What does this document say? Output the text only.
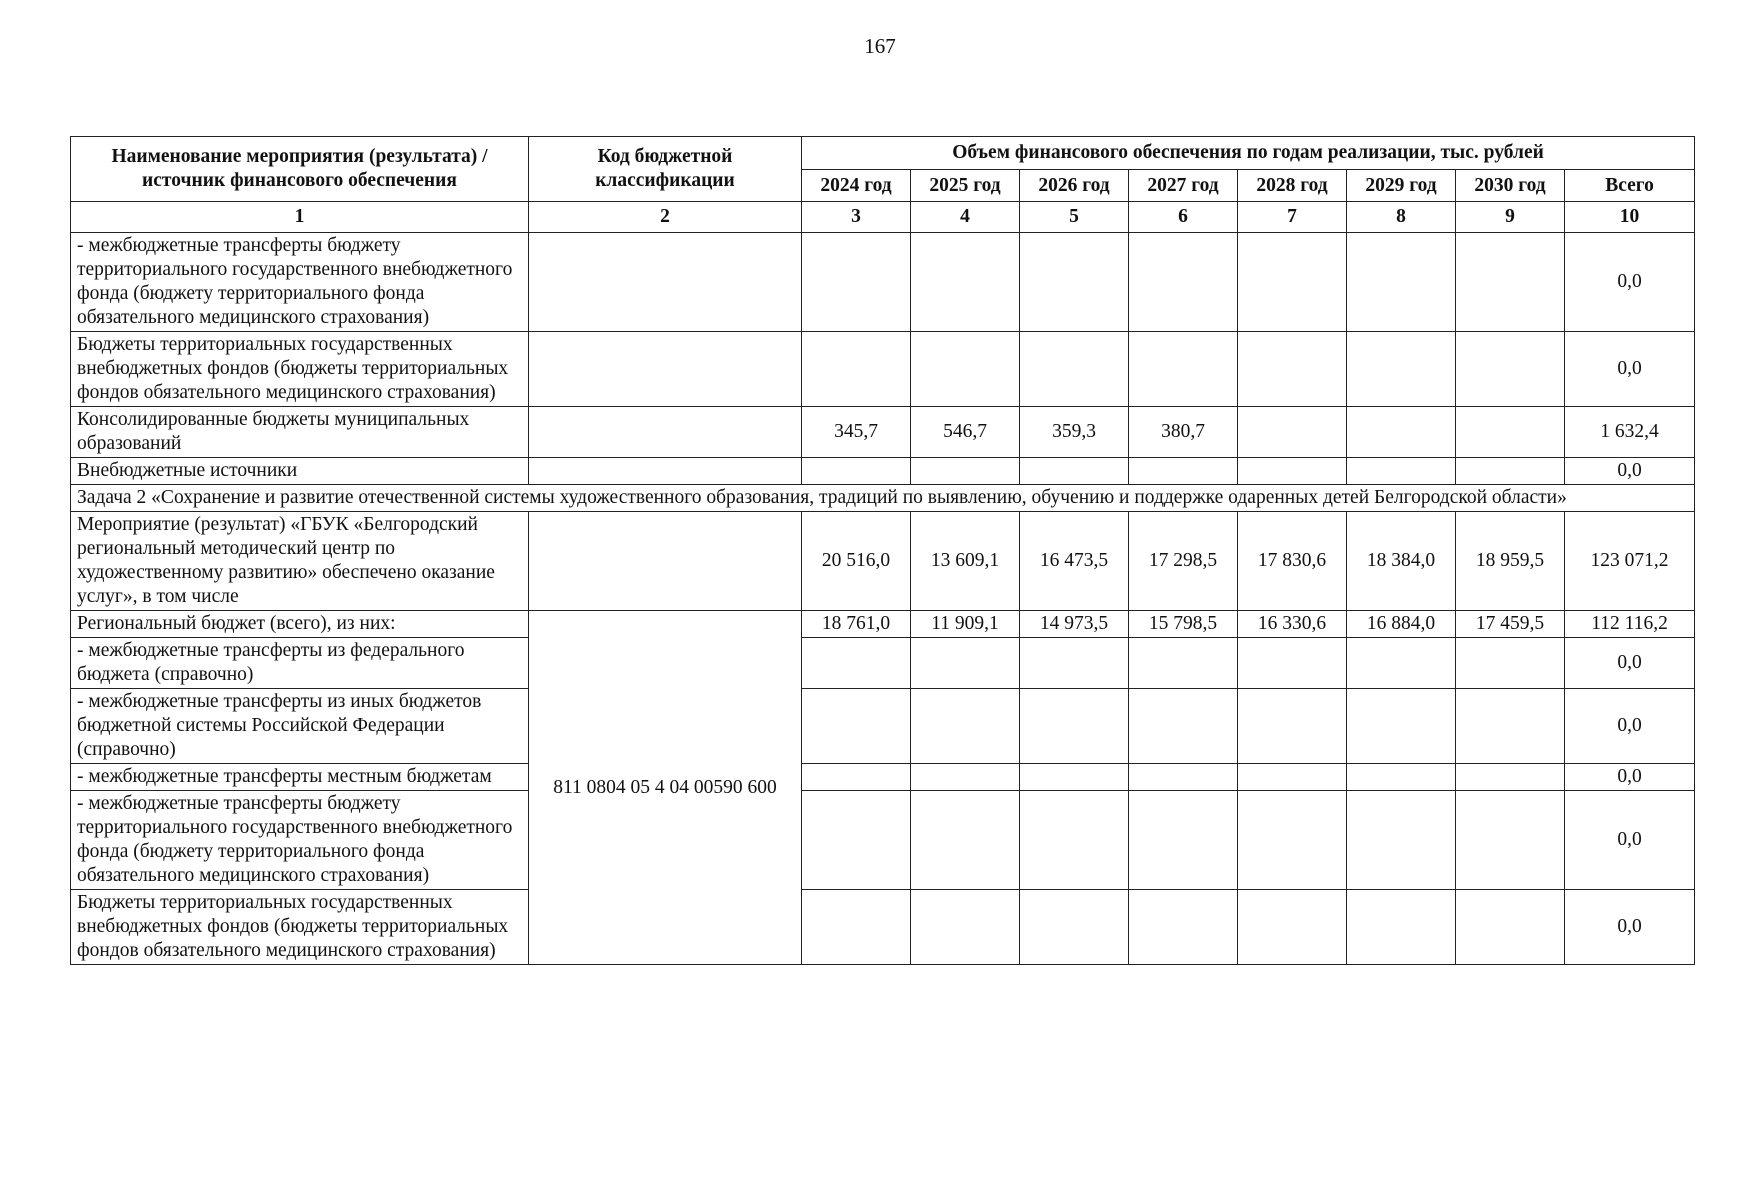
167
Наименование мероприятия (результата) / источник финансового обеспечения	Код бюджетной классификации	Объем финансового обеспечения по годам реализации, тыс. рублей							
		2024 год	2025 год	2026 год	2027 год	2028 год	2029 год	2030 год	Всего
1	2	3	4	5	6	7	8	9	10
- межбюджетные трансферты бюджету территориального государственного внебюджетного фонда (бюджету территориального фонда обязательного медицинского страхования)									0,0
Бюджеты территориальных государственных внебюджетных фондов (бюджеты территориальных фондов обязательного медицинского страхования)									0,0
Консолидированные бюджеты муниципальных образований		345,7	546,7	359,3	380,7				1 632,4
Внебюджетные источники									0,0
Задача 2 «Сохранение и развитие отечественной системы художественного образования, традиций по выявлению, обучению и поддержке одаренных детей Белгородской области»									
Мероприятие (результат) «ГБУК «Белгородский региональный методический центр по художественному развитию» обеспечено оказание услуг», в том числе		20 516,0	13 609,1	16 473,5	17 298,5	17 830,6	18 384,0	18 959,5	123 071,2
Региональный бюджет (всего), из них:	811 0804 05 4 04 00590 600	18 761,0	11 909,1	14 973,5	15 798,5	16 330,6	16 884,0	17 459,5	112 116,2
- межбюджетные трансферты из федерального бюджета (справочно)									0,0
- межбюджетные трансферты из иных бюджетов бюджетной системы Российской Федерации (справочно)									0,0
- межбюджетные трансферты местным бюджетам									0,0
- межбюджетные трансферты бюджету территориального государственного внебюджетного фонда (бюджету территориального фонда обязательного медицинского страхования)									0,0
Бюджеты территориальных государственных внебюджетных фондов (бюджеты территориальных фондов обязательного медицинского страхования)									0,0
